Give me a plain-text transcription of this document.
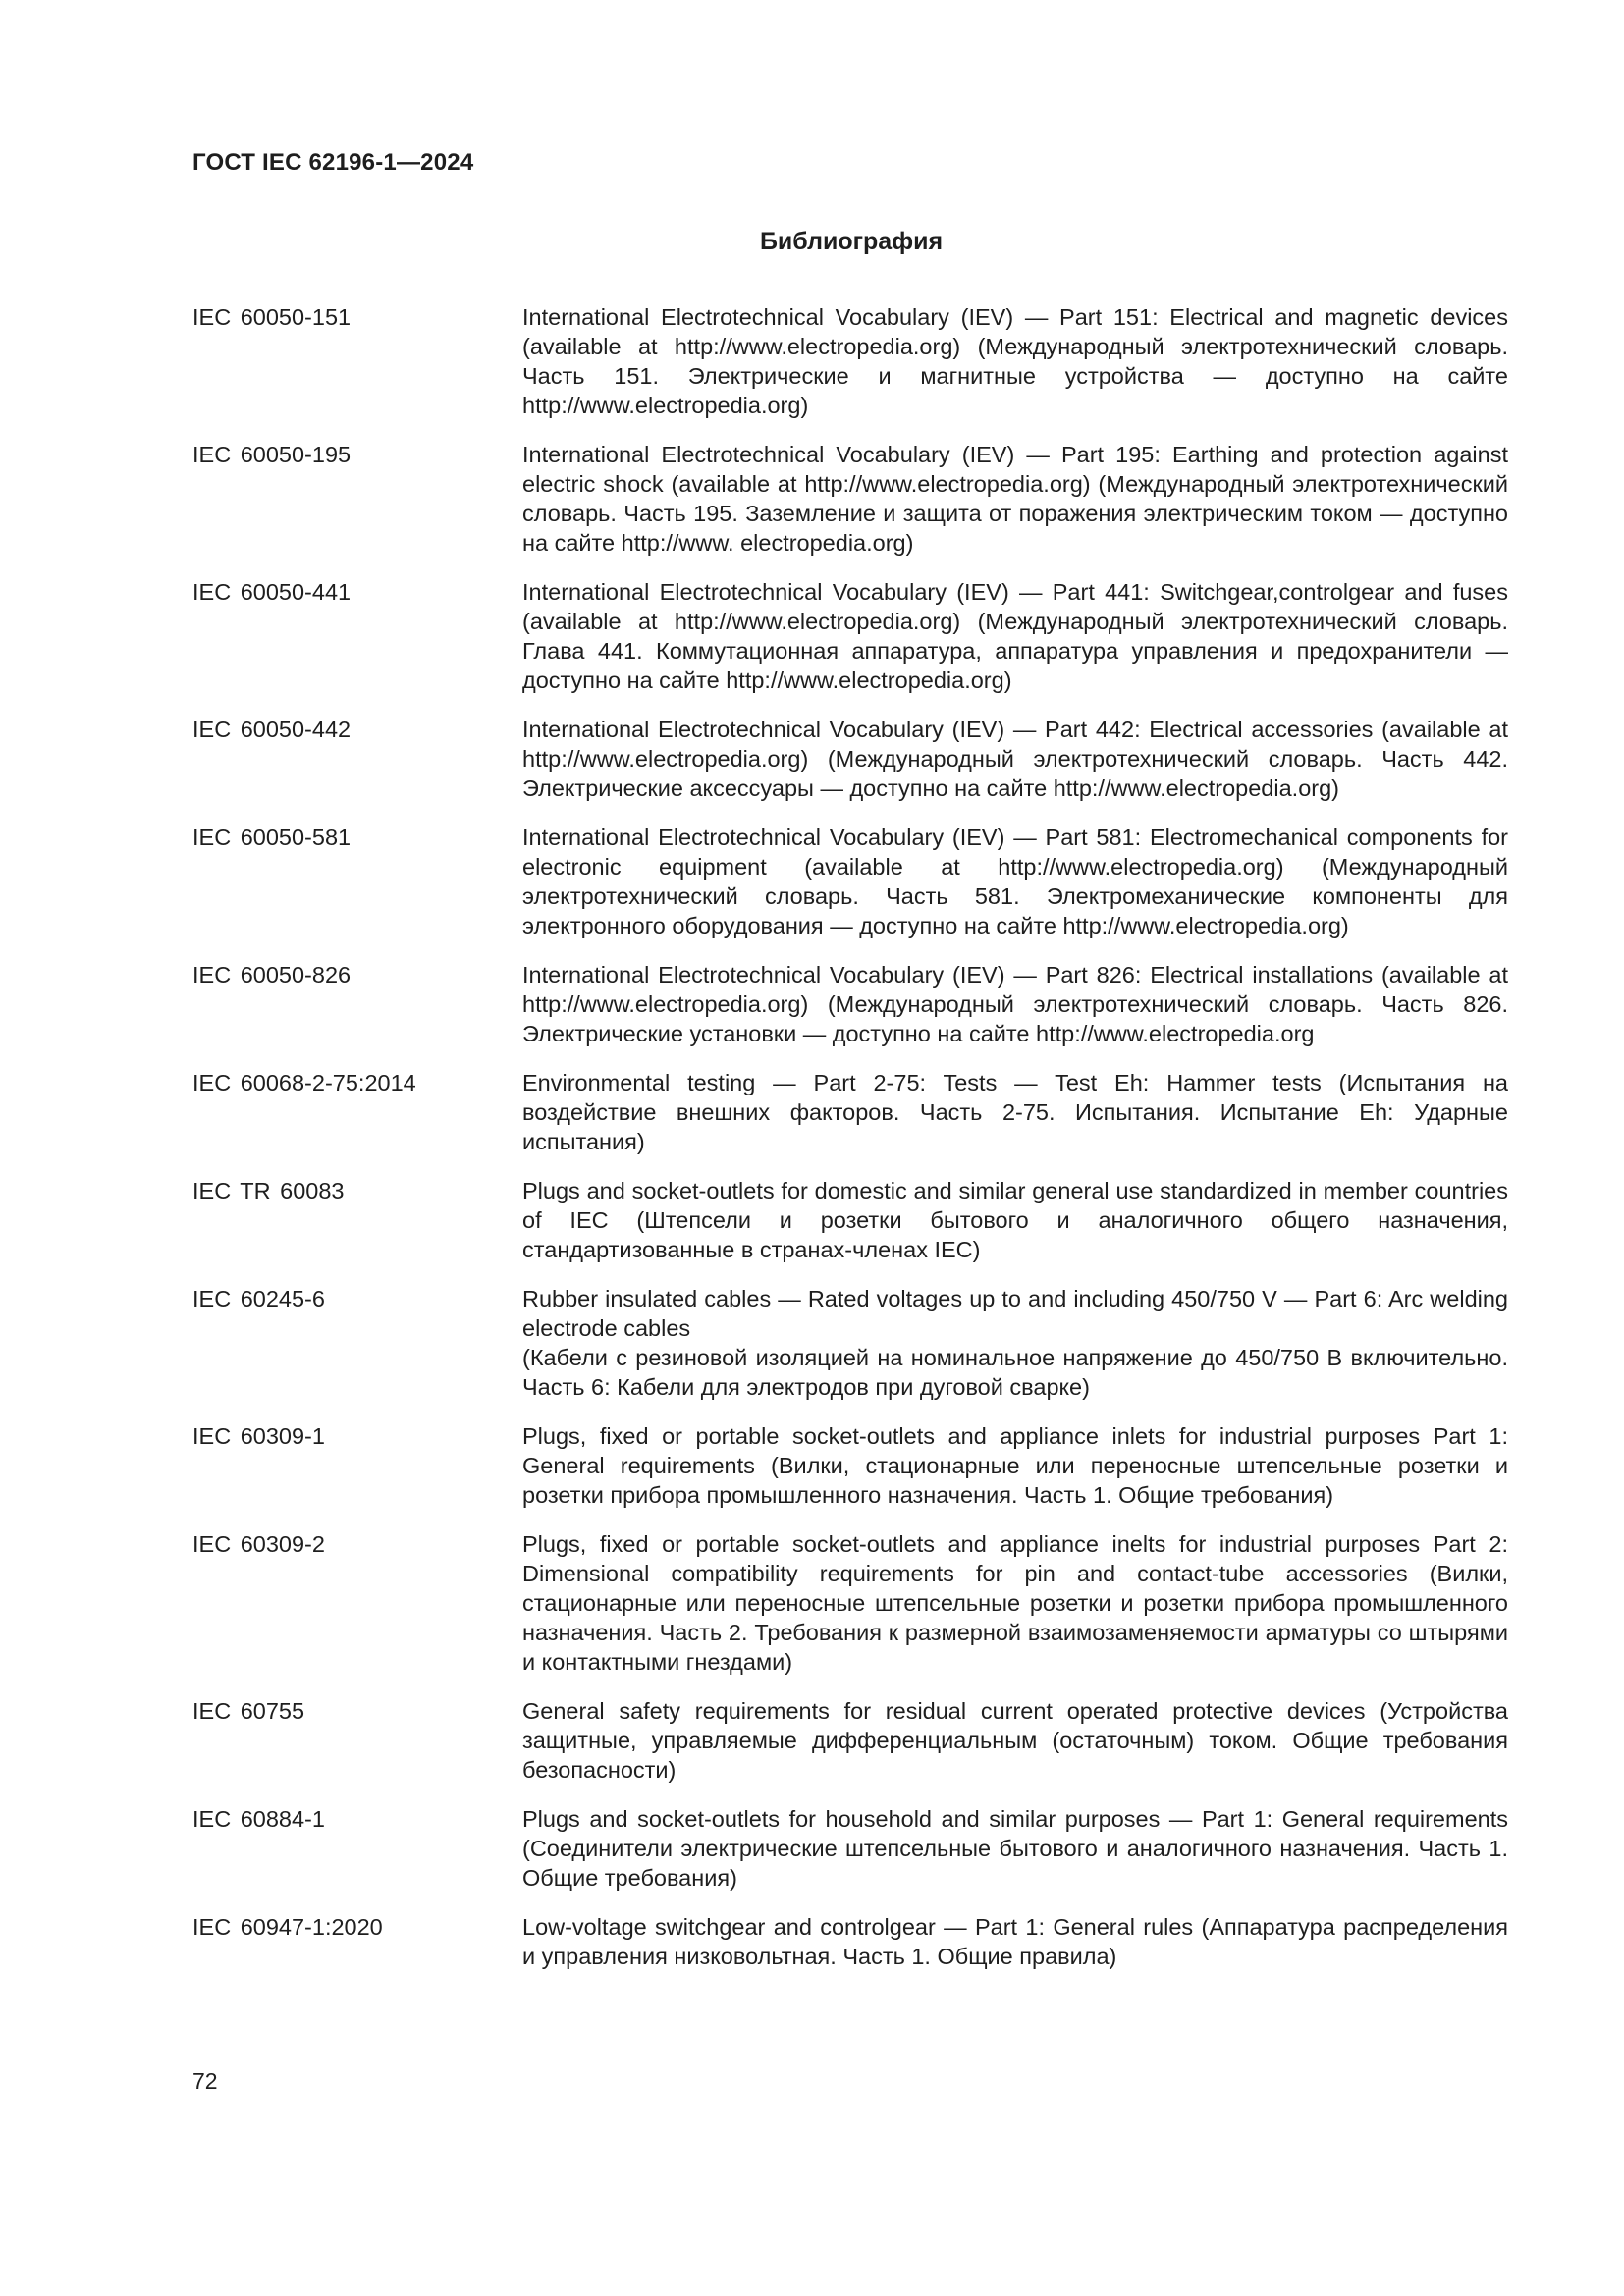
ГОСТ IEC 62196-1—2024
Библиография
IEC 60050-151	International Electrotechnical Vocabulary (IEV) — Part 151: Electrical and magnetic devices (available at http://www.electropedia.org) (Международный электротехнический словарь. Часть 151. Электрические и магнитные устройства — доступно на сайте http://www.electropedia.org)
IEC 60050-195	International Electrotechnical Vocabulary (IEV) — Part 195: Earthing and protection against electric shock (available at http://www.electropedia.org) (Международный электротехнический словарь. Часть 195. Заземление и защита от поражения электрическим током — доступно на сайте http://www. electropedia.org)
IEC 60050-441	International Electrotechnical Vocabulary (IEV) — Part 441: Switchgear,controlgear and fuses (available at http://www.electropedia.org) (Международный электротехнический словарь. Глава 441. Коммутационная аппаратура, аппаратура управления и предохранители — доступно на сайте http://www.electropedia.org)
IEC 60050-442	International Electrotechnical Vocabulary (IEV) — Part 442: Electrical accessories (available at http://www.electropedia.org) (Международный электротехнический словарь. Часть 442. Электрические аксессуары — доступно на сайте http://www.electropedia.org)
IEC 60050-581	International Electrotechnical Vocabulary (IEV) — Part 581: Electromechanical components for electronic equipment (available at http://www.electropedia.org) (Международный электротехнический словарь. Часть 581. Электромеханические компоненты для электронного оборудования — доступно на сайте http://www.electropedia.org)
IEC 60050-826	International Electrotechnical Vocabulary (IEV) — Part 826: Electrical installations (available at http://www.electropedia.org) (Международный электротехнический словарь. Часть 826. Электрические установки — доступно на сайте http://www.electropedia.org
IEC 60068-2-75:2014	Environmental testing — Part 2-75: Tests — Test Eh: Hammer tests (Испытания на воздействие внешних факторов. Часть 2-75. Испытания. Испытание Eh: Ударные испытания)
IEC TR 60083	Plugs and socket-outlets for domestic and similar general use standardized in member countries of IEC (Штепсели и розетки бытового и аналогичного общего назначения, стандартизованные в странах-членах IEC)
IEC 60245-6	Rubber insulated cables — Rated voltages up to and including 450/750 V — Part 6: Arc welding electrode cables
(Кабели с резиновой изоляцией на номинальное напряжение до 450/750 В включительно. Часть 6: Кабели для электродов при дуговой сварке)
IEC 60309-1	Plugs, fixed or portable socket-outlets and appliance inlets for industrial purposes Part 1: General requirements (Вилки, стационарные или переносные штепсельные розетки и розетки прибора промышленного назначения. Часть 1. Общие требования)
IEC 60309-2	Plugs, fixed or portable socket-outlets and appliance inelts for industrial purposes Part 2: Dimensional compatibility requirements for pin and contact-tube accessories (Вилки, стационарные или переносные штепсельные розетки и розетки прибора промышленного назначения. Часть 2. Требования к размерной взаимозаменяемости арматуры со штырями и контактными гнездами)
IEC 60755	General safety requirements for residual current operated protective devices (Устройства защитные, управляемые дифференциальным (остаточным) током. Общие требования безопасности)
IEC 60884-1	Plugs and socket-outlets for household and similar purposes — Part 1: General requirements (Соединители электрические штепсельные бытового и аналогичного назначения. Часть 1. Общие требования)
IEC 60947-1:2020	Low-voltage switchgear and controlgear — Part 1: General rules (Аппаратура распределения и управления низковольтная. Часть 1. Общие правила)
72
